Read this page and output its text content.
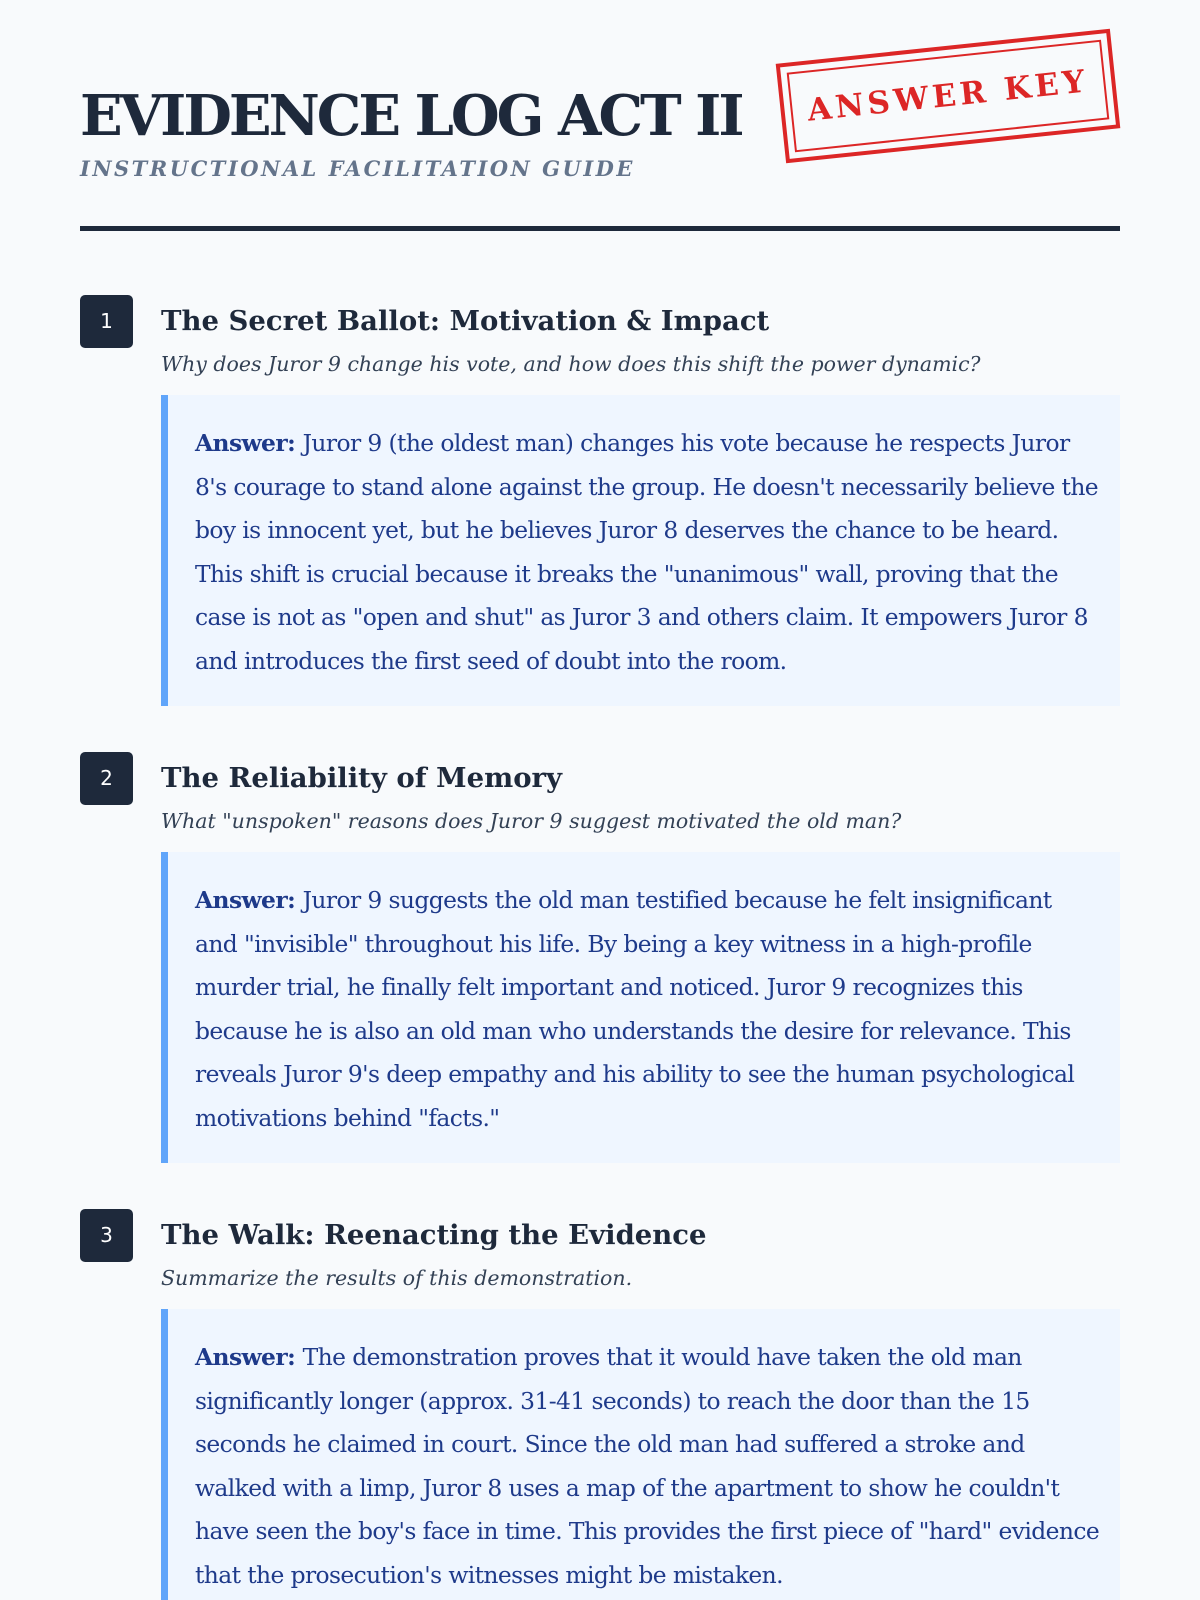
EVIDENCE LOG ACT II

INSTRUCTIONAL FACILITATION GUIDE

ANSWER KEY
1	The Secret Ballot: Motivation & Impact

Why does Juror 9 change his vote, and how does this shift the power dynamic?

Answer: Juror 9 (the oldest man) changes his vote because he respects Juror 8's courage to stand alone against the group. He doesn't necessarily believe the boy is innocent yet, but he believes Juror 8 deserves the chance to be heard. This shift is crucial because it breaks the "unanimous" wall, proving that the case is not as "open and shut" as Juror 3 and others claim. It empowers Juror 8 and introduces the first seed of doubt into the room.
2	The Reliability of Memory

What "unspoken" reasons does Juror 9 suggest motivated the old man?

Answer: Juror 9 suggests the old man testified because he felt insignificant and "invisible" throughout his life. By being a key witness in a high-profile murder trial, he finally felt important and noticed. Juror 9 recognizes this because he is also an old man who understands the desire for relevance. This reveals Juror 9's deep empathy and his ability to see the human psychological motivations behind "facts."
3	The Walk: Reenacting the Evidence

Summarize the results of this demonstration.

Answer: The demonstration proves that it would have taken the old man significantly longer (approx. 31-41 seconds) to reach the door than the 15 seconds he claimed in court. Since the old man had suffered a stroke and walked with a limp, Juror 8 uses a map of the apartment to show he couldn't have seen the boy's face in time. This provides the first piece of "hard" evidence that the prosecution's witnesses might be mistaken.
